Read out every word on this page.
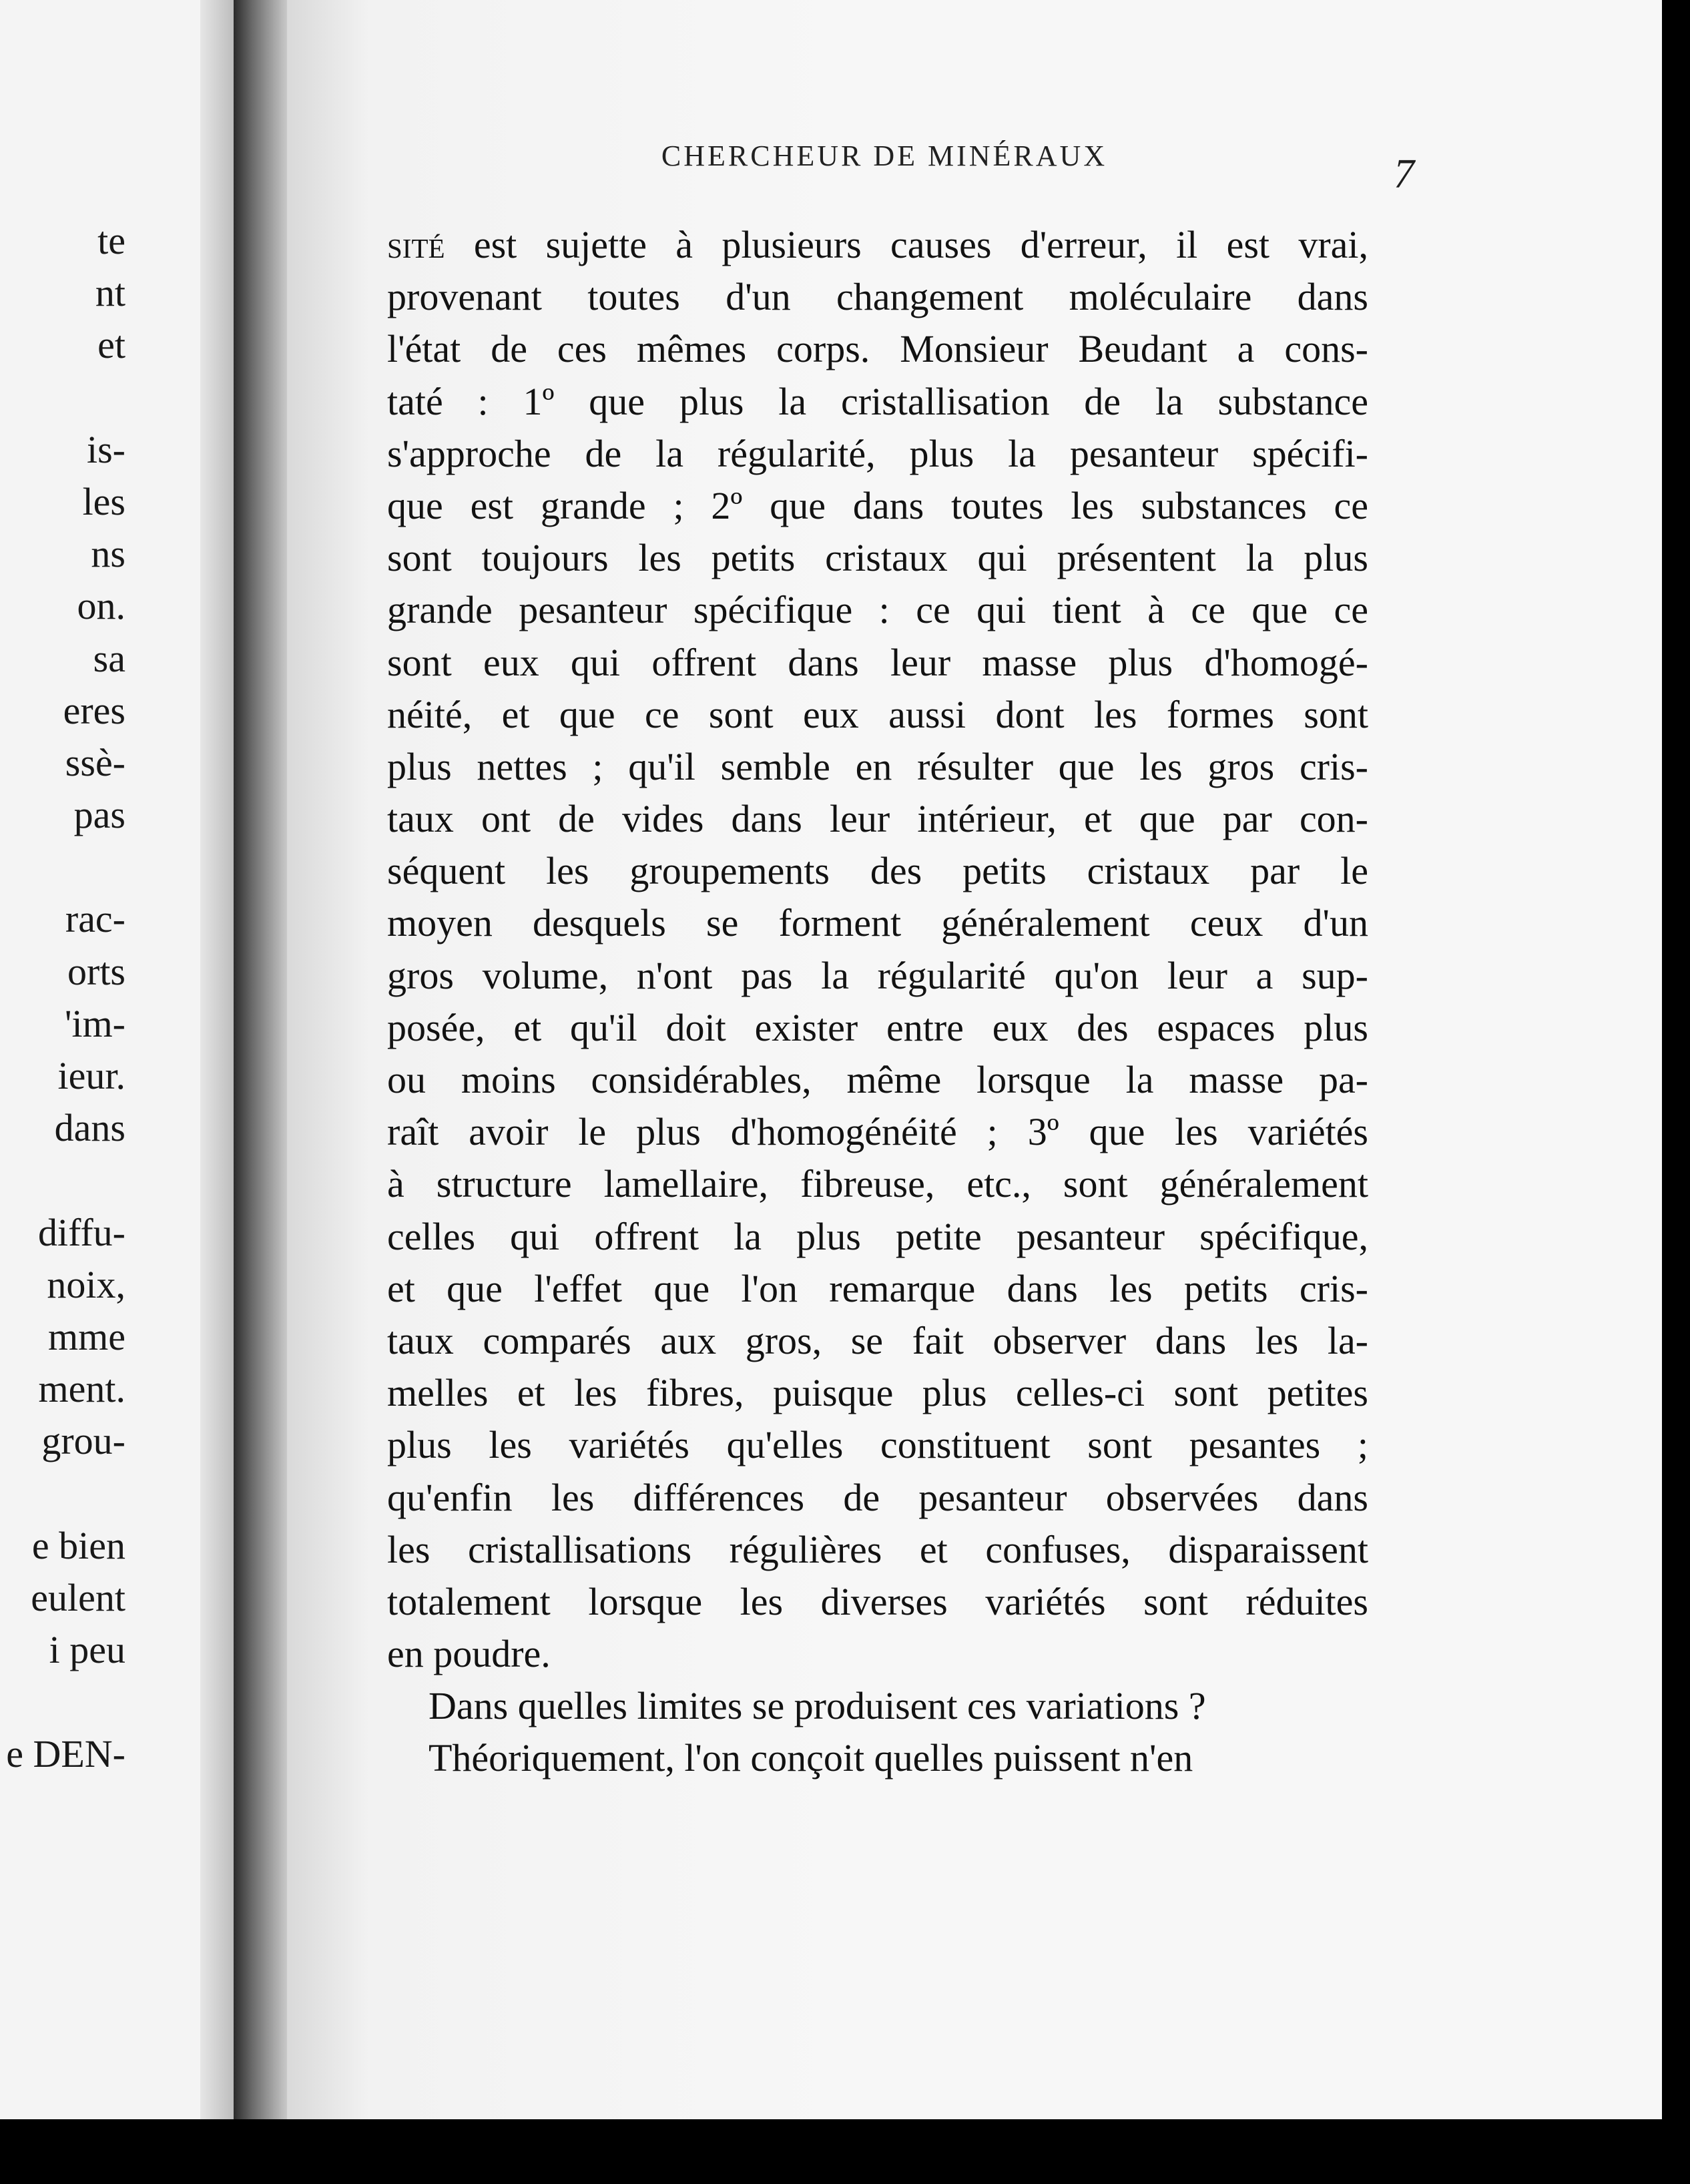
te
nt
et
is-
les
ns
on.
sa
eres
ssè-
pas
rac-
orts
'im-
ieur.
dans
diffu-
noix,
mme
ment.
grou-
e bien
eulent
i peu
e DEN-
CHERCHEUR DE MINÉRAUX	7
sité est sujette à plusieurs causes d'erreur, il est vrai,
provenant toutes d'un changement moléculaire dans
l'état de ces mêmes corps. Monsieur Beudant a cons-
taté : 1º que plus la cristallisation de la substance
s'approche de la régularité, plus la pesanteur spécifi-
que est grande ; 2º que dans toutes les substances ce
sont toujours les petits cristaux qui présentent la plus
grande pesanteur spécifique : ce qui tient à ce que ce
sont eux qui offrent dans leur masse plus d'homogé-
néité, et que ce sont eux aussi dont les formes sont
plus nettes ; qu'il semble en résulter que les gros cris-
taux ont de vides dans leur intérieur, et que par con-
séquent les groupements des petits cristaux par le
moyen desquels se forment généralement ceux d'un
gros volume, n'ont pas la régularité qu'on leur a sup-
posée, et qu'il doit exister entre eux des espaces plus
ou moins considérables, même lorsque la masse pa-
raît avoir le plus d'homogénéité ; 3º que les variétés
à structure lamellaire, fibreuse, etc., sont généralement
celles qui offrent la plus petite pesanteur spécifique,
et que l'effet que l'on remarque dans les petits cris-
taux comparés aux gros, se fait observer dans les la-
melles et les fibres, puisque plus celles-ci sont petites
plus les variétés qu'elles constituent sont pesantes ;
qu'enfin les différences de pesanteur observées dans
les cristallisations régulières et confuses, disparaissent
totalement lorsque les diverses variétés sont réduites
en poudre.
Dans quelles limites se produisent ces variations ?
Théoriquement, l'on conçoit quelles puissent n'en
